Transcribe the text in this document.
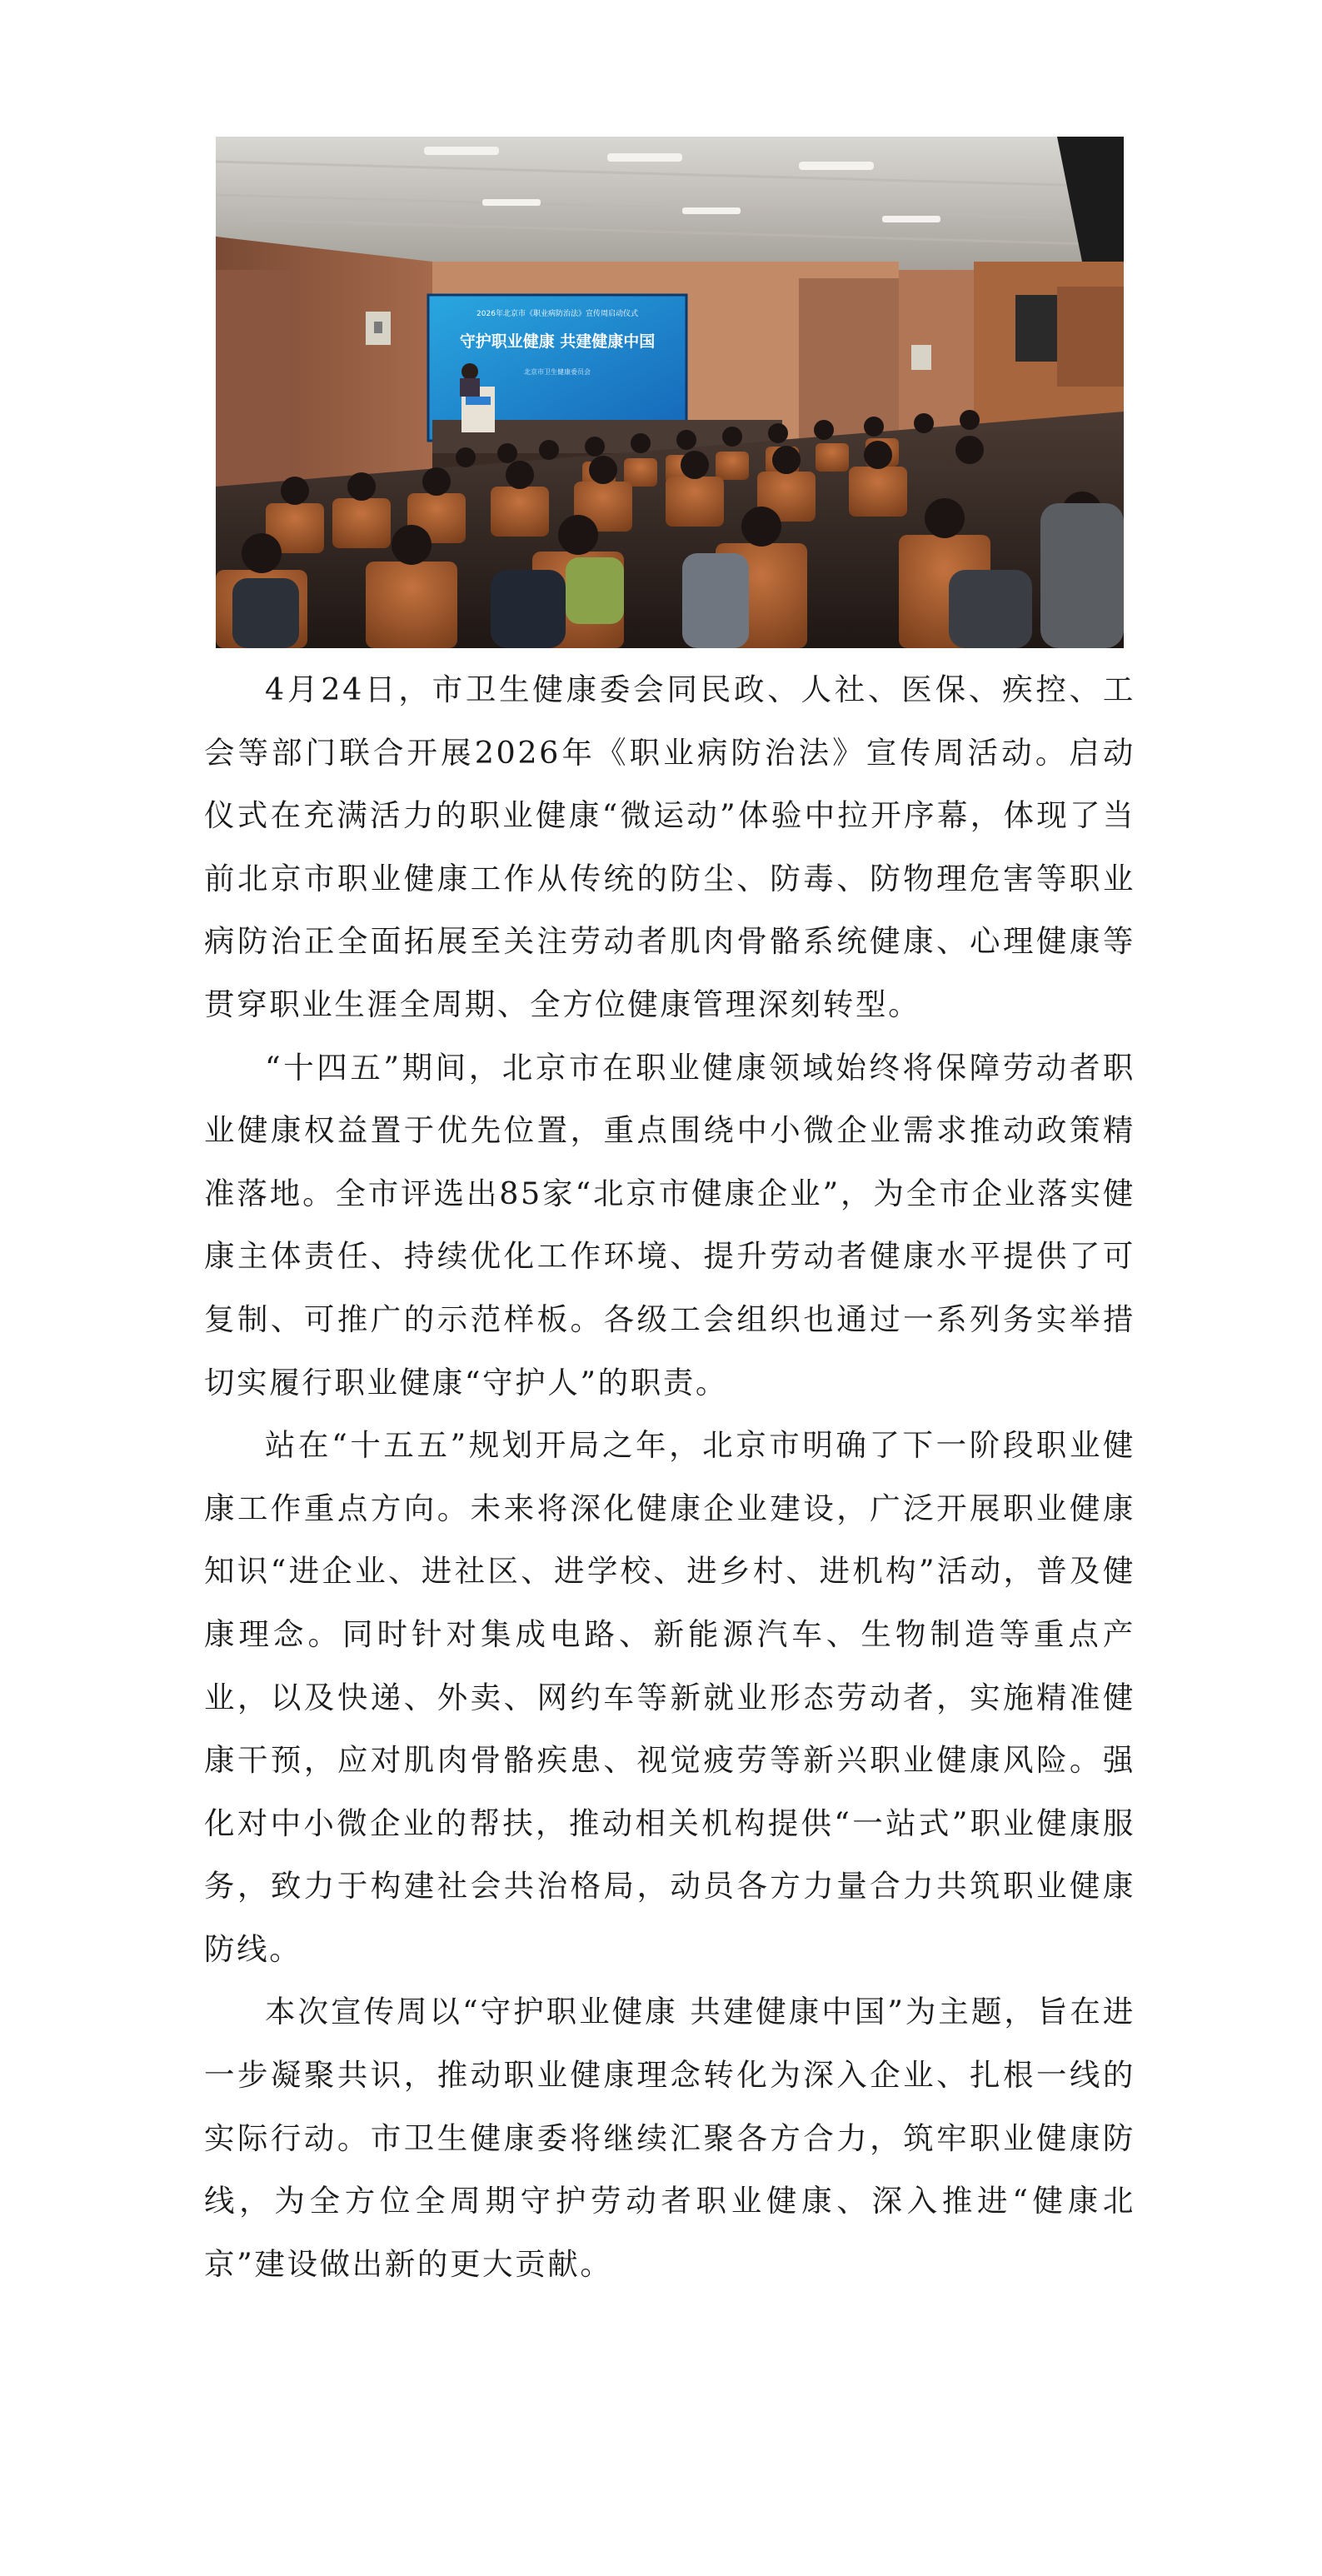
2026年北京市《职业病防治法》宣传周启动仪式
守护职业健康 共建健康中国
北京市卫生健康委员会

4月24日，市卫生健康委会同民政、人社、医保、疾控、工会等部门联合开展2026年《职业病防治法》宣传周活动。启动仪式在充满活力的职业健康“微运动”体验中拉开序幕，体现了当前北京市职业健康工作从传统的防尘、防毒、防物理危害等职业病防治正全面拓展至关注劳动者肌肉骨骼系统健康、心理健康等贯穿职业生涯全周期、全方位健康管理深刻转型。

“十四五”期间，北京市在职业健康领域始终将保障劳动者职业健康权益置于优先位置，重点围绕中小微企业需求推动政策精准落地。全市评选出85家“北京市健康企业”，为全市企业落实健康主体责任、持续优化工作环境、提升劳动者健康水平提供了可复制、可推广的示范样板。各级工会组织也通过一系列务实举措切实履行职业健康“守护人”的职责。

站在“十五五”规划开局之年，北京市明确了下一阶段职业健康工作重点方向。未来将深化健康企业建设，广泛开展职业健康知识“进企业、进社区、进学校、进乡村、进机构”活动，普及健康理念。同时针对集成电路、新能源汽车、生物制造等重点产业，以及快递、外卖、网约车等新就业形态劳动者，实施精准健康干预，应对肌肉骨骼疾患、视觉疲劳等新兴职业健康风险。强化对中小微企业的帮扶，推动相关机构提供“一站式”职业健康服务，致力于构建社会共治格局，动员各方力量合力共筑职业健康防线。

本次宣传周以“守护职业健康 共建健康中国”为主题，旨在进一步凝聚共识，推动职业健康理念转化为深入企业、扎根一线的实际行动。市卫生健康委将继续汇聚各方合力，筑牢职业健康防线，为全方位全周期守护劳动者职业健康、深入推进“健康北京”建设做出新的更大贡献。
